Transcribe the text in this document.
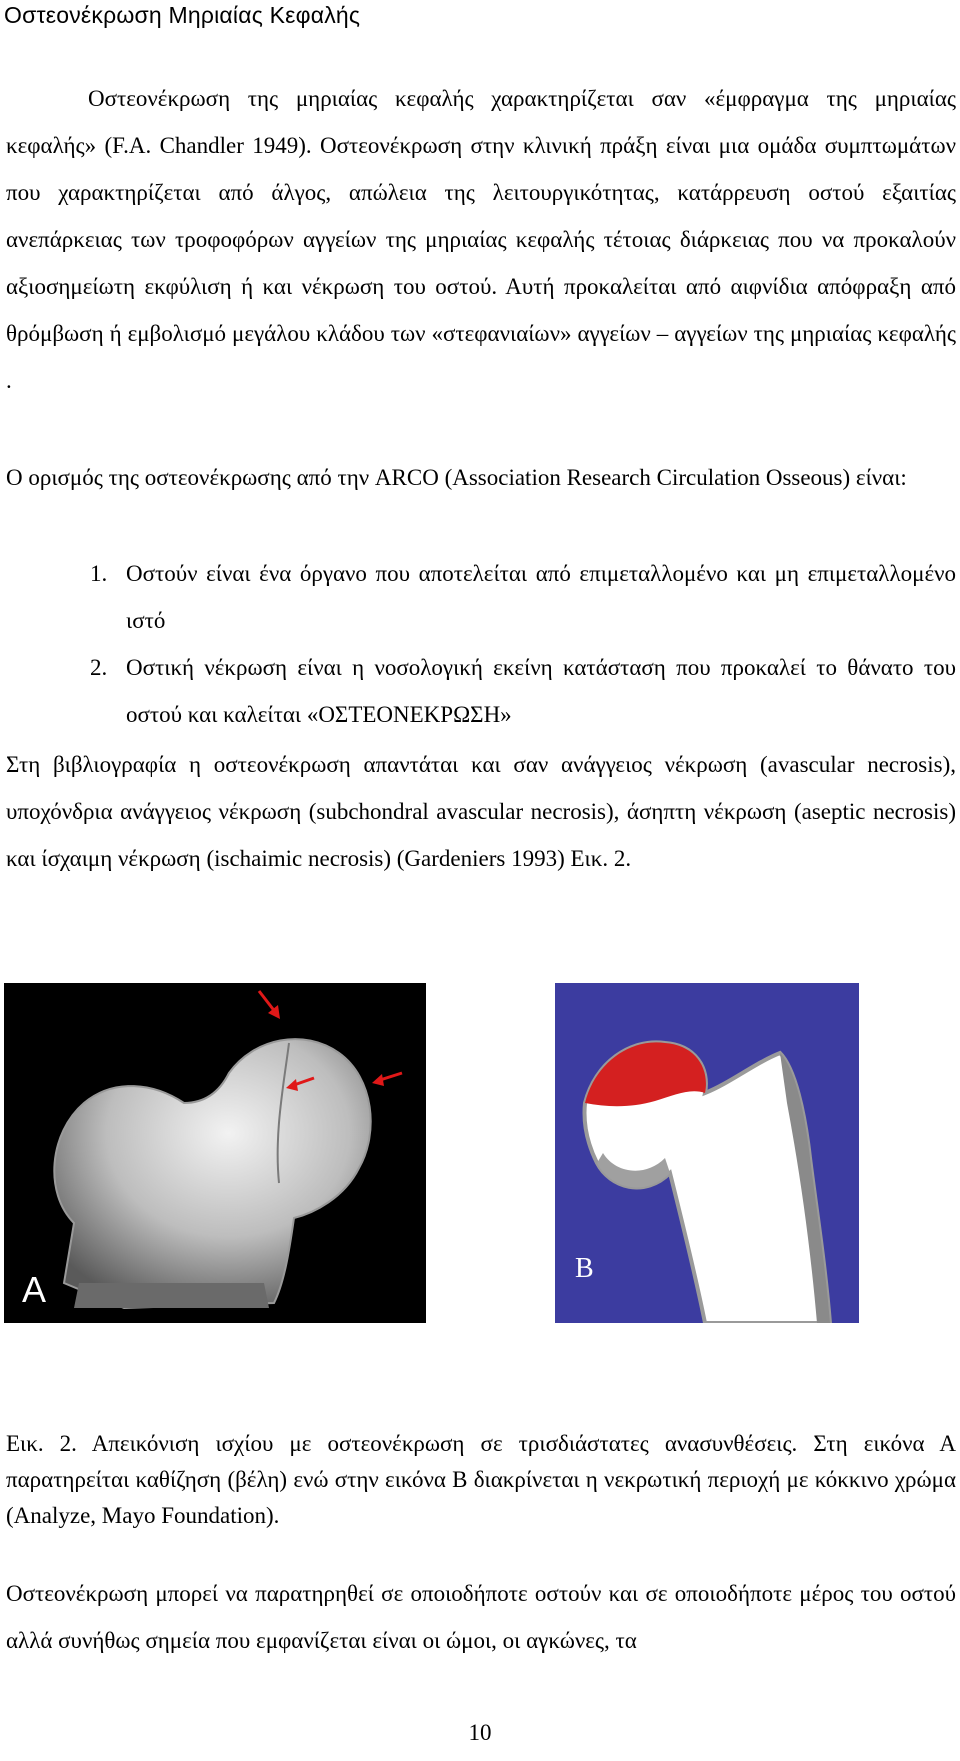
Οστεονέκρωση Μηριαίας Κεφαλής
Οστεονέκρωση της μηριαίας κεφαλής χαρακτηρίζεται σαν «έμφραγμα της μηριαίας κεφαλής» (F.A. Chandler 1949). Οστεονέκρωση στην κλινική πράξη είναι μια ομάδα συμπτωμάτων που χαρακτηρίζεται από άλγος, απώλεια της λειτουργικότητας, κατάρρευση οστού εξαιτίας ανεπάρκειας των τροφοφόρων αγγείων της μηριαίας κεφαλής τέτοιας διάρκειας που να προκαλούν αξιοσημείωτη εκφύλιση ή και νέκρωση του οστού. Αυτή προκαλείται από αιφνίδια απόφραξη από θρόμβωση ή εμβολισμό μεγάλου κλάδου των «στεφανιαίων» αγγείων – αγγείων της μηριαίας κεφαλής .
Ο ορισμός της οστεονέκρωσης από την ARCO (Association Research Circulation Osseous) είναι:
1. Οστούν είναι ένα όργανο που αποτελείται από επιμεταλλομένο και μη επιμεταλλομένο ιστό
2. Οστική νέκρωση είναι η νοσολογική εκείνη κατάσταση που προκαλεί το θάνατο του οστού και καλείται «ΟΣΤΕΟΝΕΚΡΩΣΗ»
Στη βιβλιογραφία η οστεονέκρωση απαντάται και σαν ανάγγειος νέκρωση (avascular necrosis), υποχόνδρια ανάγγειος νέκρωση (subchondral avascular necrosis), άσηπτη νέκρωση (aseptic necrosis) και ίσχαιμη νέκρωση (ischaimic necrosis) (Gardeniers 1993) Εικ. 2.
A
B
Εικ. 2. Απεικόνιση ισχίου με οστεονέκρωση σε τρισδιάστατες ανασυνθέσεις. Στη εικόνα Α παρατηρείται καθίζηση (βέλη) ενώ στην εικόνα Β διακρίνεται η νεκρωτική περιοχή με κόκκινο χρώμα (Analyze, Mayo Foundation).
Οστεονέκρωση μπορεί να παρατηρηθεί σε οποιοδήποτε οστούν και σε οποιοδήποτε μέρος του οστού αλλά συνήθως σημεία που εμφανίζεται είναι οι ώμοι, οι αγκώνες, τα
10
